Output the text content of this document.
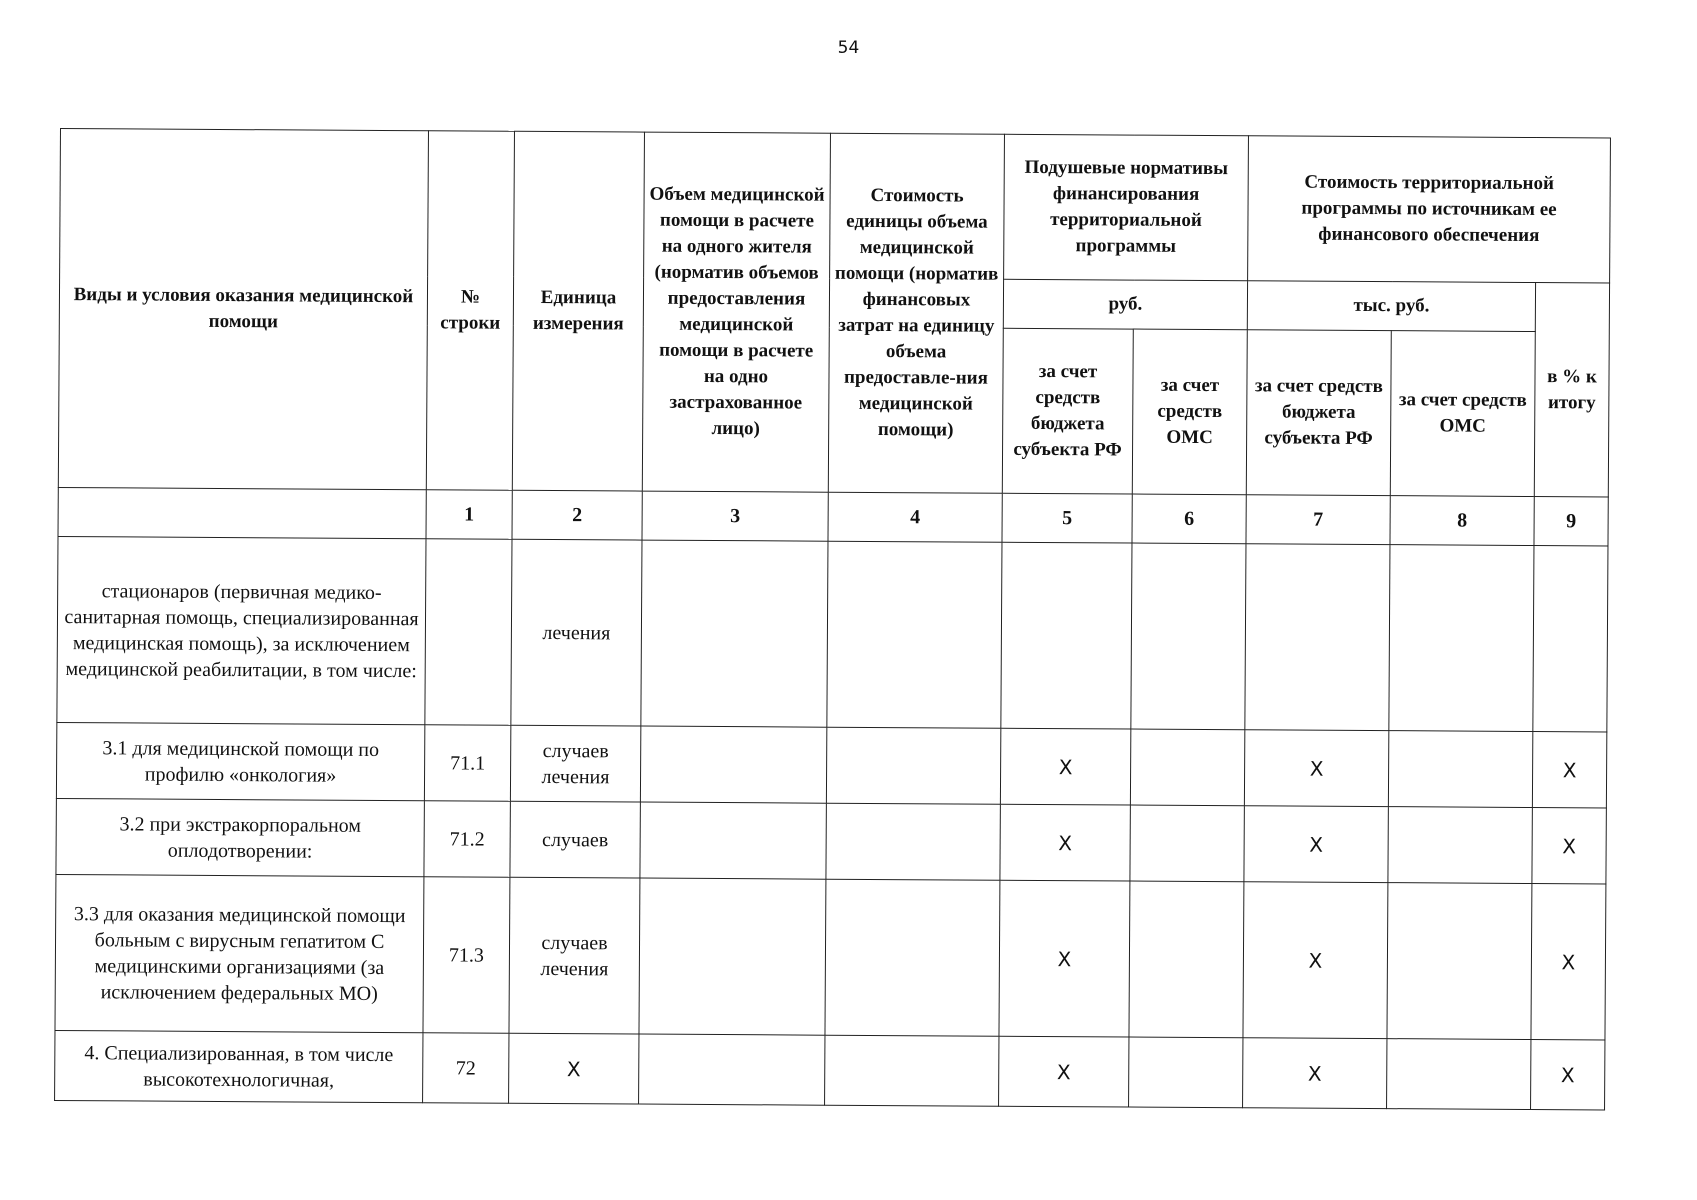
54
Виды и условия оказания медицинской помощи	№ строки	Единица измерения	Объем медицинской помощи в расчете на одного жителя (норматив объемов предоставления медицинской помощи в расчете на одно застрахованное лицо)	Стоимость единицы объема медицинской помощи (норматив финансовых затрат на единицу объема предоставле-ния медицинской помощи)	Подушевые нормативы финансирования территориальной программы		Стоимость территориальной программы по источникам ее финансового обеспечения		
					руб.		тыс. руб.		в % к итогу
					за счет средств бюджета субъекта РФ	за счет средств ОМС	за счет средств бюджета субъекта РФ	за счет средств ОМС	
	1	2	3	4	5	6	7	8	9
стационаров (первичная медико-санитарная помощь, специализированная медицинская помощь), за исключением медицинской реабилитации, в том числе:		лечения							
3.1 для медицинской помощи по профилю «онкология»	71.1	случаев лечения			X		X		X
3.2 при экстракорпоральном оплодотворении:	71.2	случаев			X		X		X
3.3 для оказания медицинской помощи больным с вирусным гепатитом С медицинскими организациями (за исключением федеральных МО)	71.3	случаев лечения			X		X		X
4. Специализированная, в том числе высокотехнологичная,	72	X			X		X		X
